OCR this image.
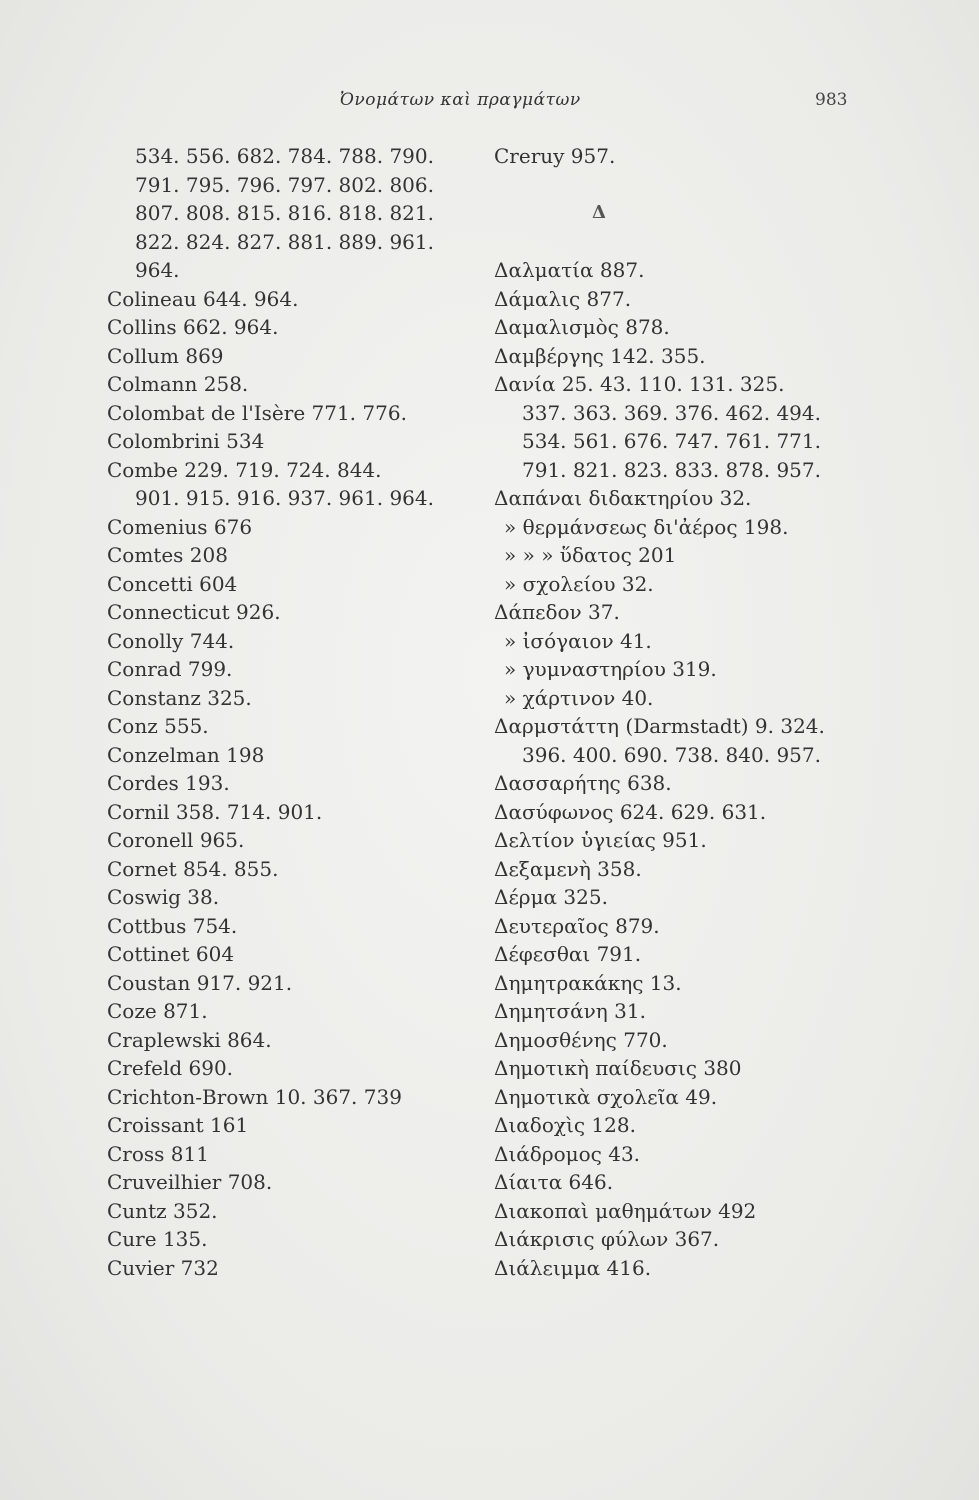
Ὀνομάτων καὶ πραγμάτων	983
534. 556. 682. 784. 788. 790.
791. 795. 796. 797. 802. 806.
807. 808. 815. 816. 818. 821.
822. 824. 827. 881. 889. 961.
964.
Colineau 644. 964.
Collins 662. 964.
Collum 869
Colmann 258.
Colombat de l'Isère 771. 776.
Colombrini 534
Combe 229. 719. 724. 844.
901. 915. 916. 937. 961. 964.
Comenius 676
Comtes 208
Concetti 604
Connecticut 926.
Conolly 744.
Conrad 799.
Constanz 325.
Conz 555.
Conzelman 198
Cordes 193.
Cornil 358. 714. 901.
Coronell 965.
Cornet 854. 855.
Coswig 38.
Cottbus 754.
Cottinet 604
Coustan 917. 921.
Coze 871.
Craplewski 864.
Crefeld 690.
Crichton-Brown 10. 367. 739
Croissant 161
Cross 811
Cruveilhier 708.
Cuntz 352.
Cure 135.
Cuvier 732
Creruy 957.
Δ
Δαλματία 887.
Δάμαλις 877.
Δαμαλισμὸς 878.
Δαμβέργης 142. 355.
Δανία 25. 43. 110. 131. 325.
337. 363. 369. 376. 462. 494.
534. 561. 676. 747. 761. 771.
791. 821. 823. 833. 878. 957.
Δαπάναι διδακτηρίου 32.
» θερμάνσεως δι'ἀέρος 198.
» » » ὕδατος 201
» σχολείου 32.
Δάπεδον 37.
» ἰσόγαιον 41.
» γυμναστηρίου 319.
» χάρτινον 40.
Δαρμστάττη (Darmstadt) 9. 324.
396. 400. 690. 738. 840. 957.
Δασσαρήτης 638.
Δασύφωνος 624. 629. 631.
Δελτίον ὑγιείας 951.
Δεξαμενὴ 358.
Δέρμα 325.
Δευτεραῖος 879.
Δέφεσθαι 791.
Δημητρακάκης 13.
Δημητσάνη 31.
Δημοσθένης 770.
Δημοτικὴ παίδευσις 380
Δημοτικὰ σχολεῖα 49.
Διαδοχὶς 128.
Διάδρομος 43.
Δίαιτα 646.
Διακοπαὶ μαθημάτων 492
Διάκρισις φύλων 367.
Διάλειμμα 416.
